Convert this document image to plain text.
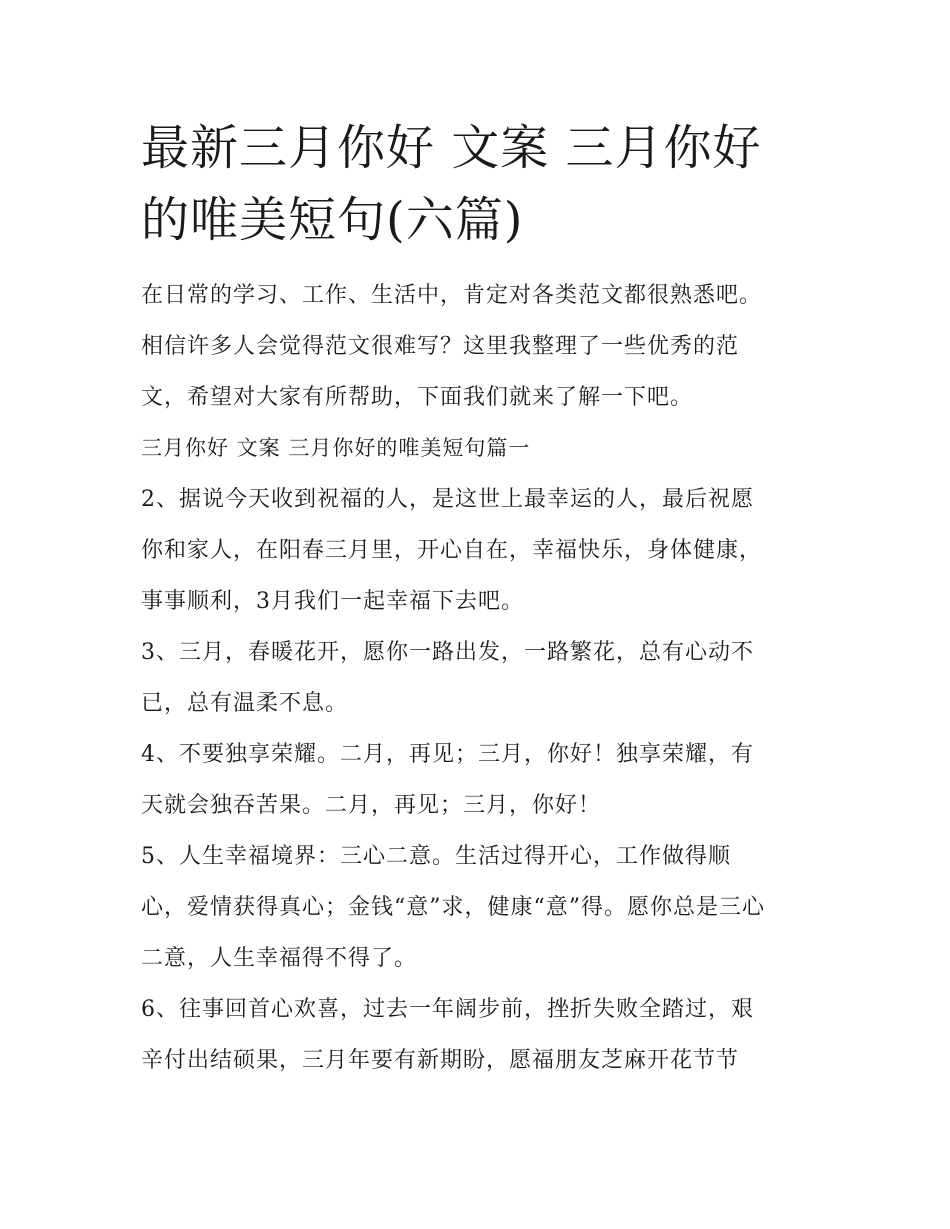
最新三月你好 文案 三月你好
的唯美短句(六篇)

在日常的学习、工作、生活中，肯定对各类范文都很熟悉吧。
相信许多人会觉得范文很难写？这里我整理了一些优秀的范
文，希望对大家有所帮助，下面我们就来了解一下吧。

三月你好 文案 三月你好的唯美短句篇一

2、据说今天收到祝福的人，是这世上最幸运的人，最后祝愿
你和家人，在阳春三月里，开心自在，幸福快乐，身体健康，
事事顺利，3月我们一起幸福下去吧。

3、三月，春暖花开，愿你一路出发，一路繁花，总有心动不
已，总有温柔不息。

4、不要独享荣耀。二月，再见；三月，你好！独享荣耀，有
天就会独吞苦果。二月，再见；三月，你好！

5、人生幸福境界：三心二意。生活过得开心，工作做得顺
心，爱情获得真心；金钱“意”求，健康“意”得。愿你总是三心
二意，人生幸福得不得了。

6、往事回首心欢喜，过去一年阔步前，挫折失败全踏过，艰
辛付出结硕果，三月年要有新期盼，愿福朋友芝麻开花节节
